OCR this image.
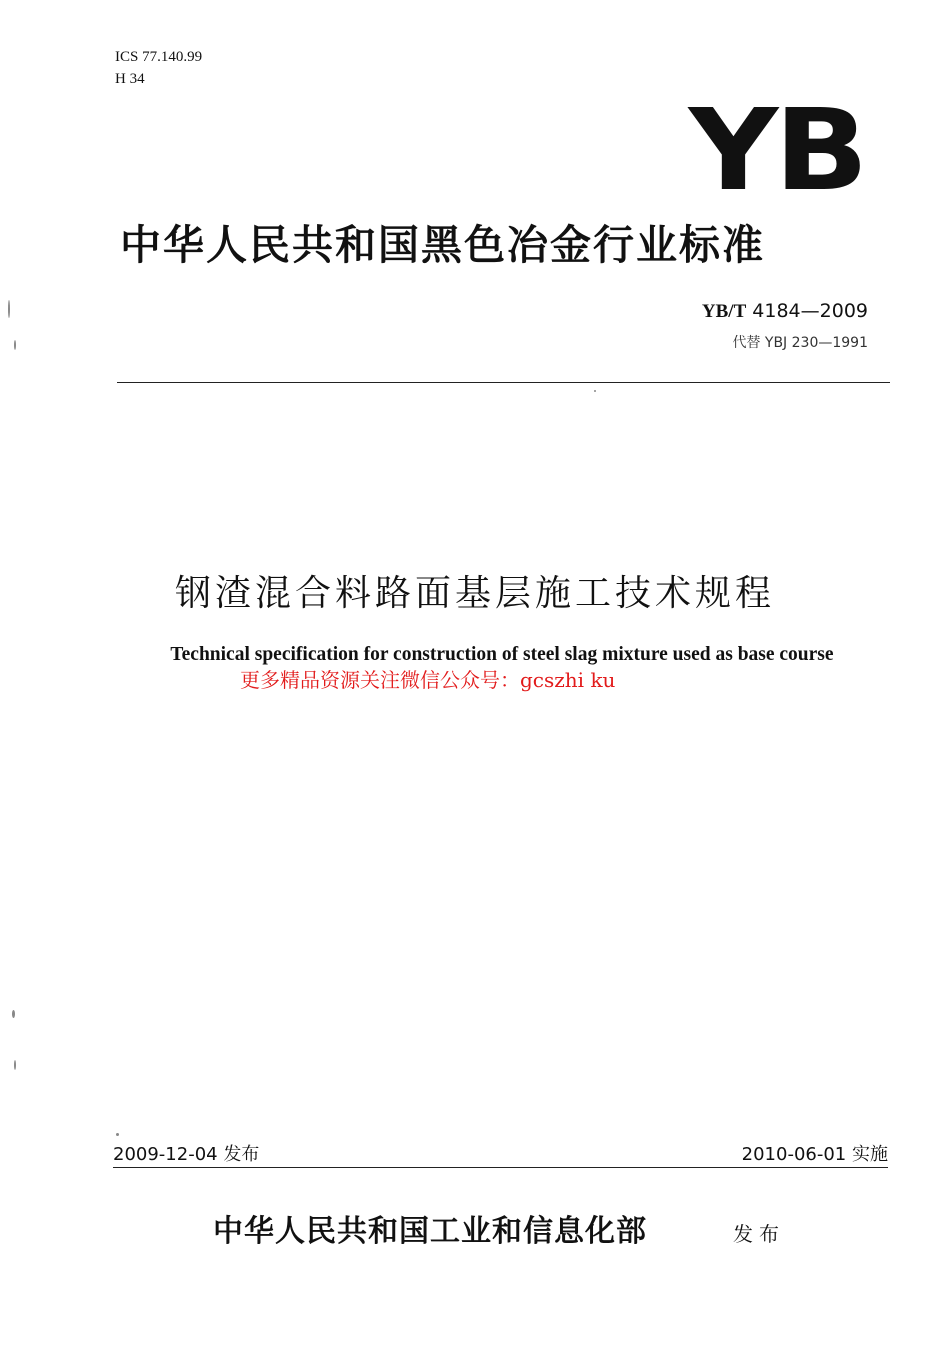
ICS 77.140.99
H 34
YB
中华人民共和国黑色冶金行业标准
YB/T 4184—2009
代替 YBJ 230—1991
钢渣混合料路面基层施工技术规程
Technical specification for construction of steel slag mixture used as base course
更多精品资源关注微信公众号：gcszhi ku
2009-12-04 发布	2010-06-01 实施
中华人民共和国工业和信息化部	发布
